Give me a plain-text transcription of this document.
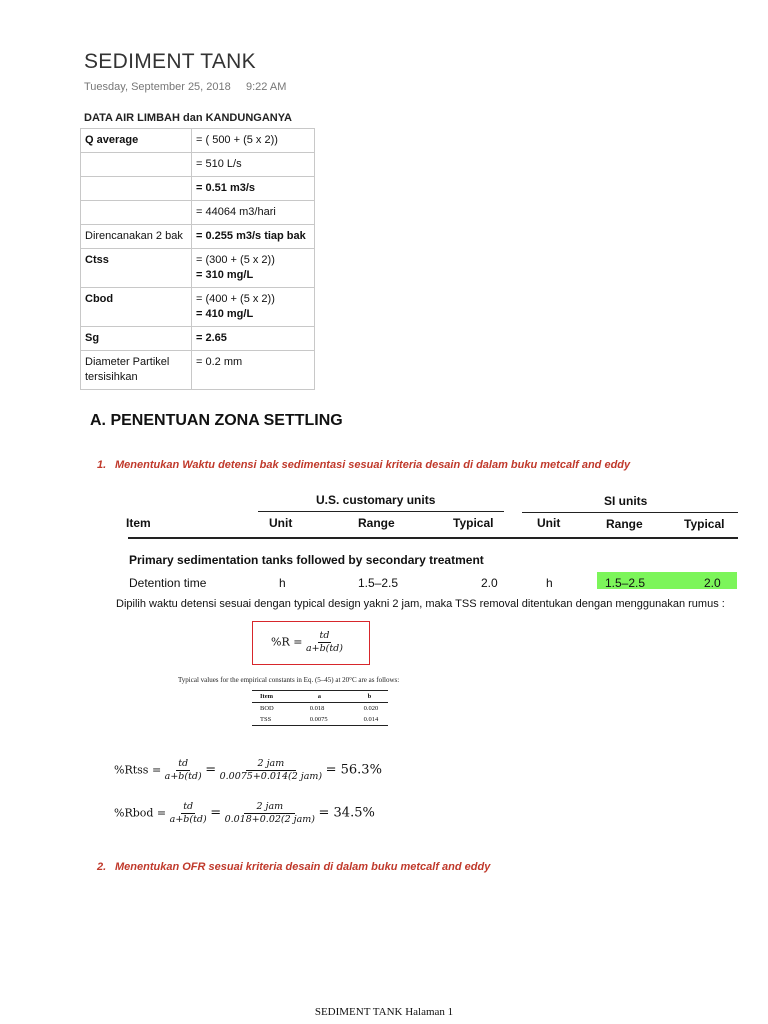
SEDIMENT TANK
Tuesday, September 25, 2018 9:22 AM
DATA AIR LIMBAH dan KANDUNGANYA
Q average	= ( 500 + (5 x 2))
	= 510 L/s
	= 0.51 m3/s
	= 44064 m3/hari
Direncanakan 2 bak	= 0.255 m3/s tiap bak
Ctss	= (300 + (5 x 2))
= 310 mg/L

Cbod	= (400 + (5 x 2))
= 410 mg/L

Sg	= 2.65
Diameter Partikel tersisihkan	= 0.2 mm
A. PENENTUAN ZONA SETTLING
1. Menentukan Waktu detensi bak sedimentasi sesuai kriteria desain di dalam buku metcalf and eddy
U.S. customary units	SI units
Item	Unit	Range	Typical	Unit	Range	Typical
Primary sedimentation tanks followed by secondary treatment
Detention time	h	1.5–2.5	2.0	h	1.5–2.5	2.0
Dipilih waktu detensi sesuai dengan typical design yakni 2 jam, maka TSS removal ditentukan dengan menggunakan rumus :
$\%R = \frac{td}{a+b(td)}$
Typical values for the empirical constants in Eq. (5–45) at 20°C are as follows:
Item	a	b
BOD	0.018	0.020
TSS	0.0075	0.014
%Rtss = $\frac{td}{a+b(td)} = \frac{\text{2 jam}}{\text{0.0075+0.014(2 jam)}} = 56.3\%$
%Rbod = $\frac{td}{a+b(td)} = \frac{\text{2 jam}}{\text{0.018+0.02(2 jam)}} = 34.5\%$
2. Menentukan OFR sesuai kriteria desain di dalam buku metcalf and eddy
SEDIMENT TANK Halaman 1
